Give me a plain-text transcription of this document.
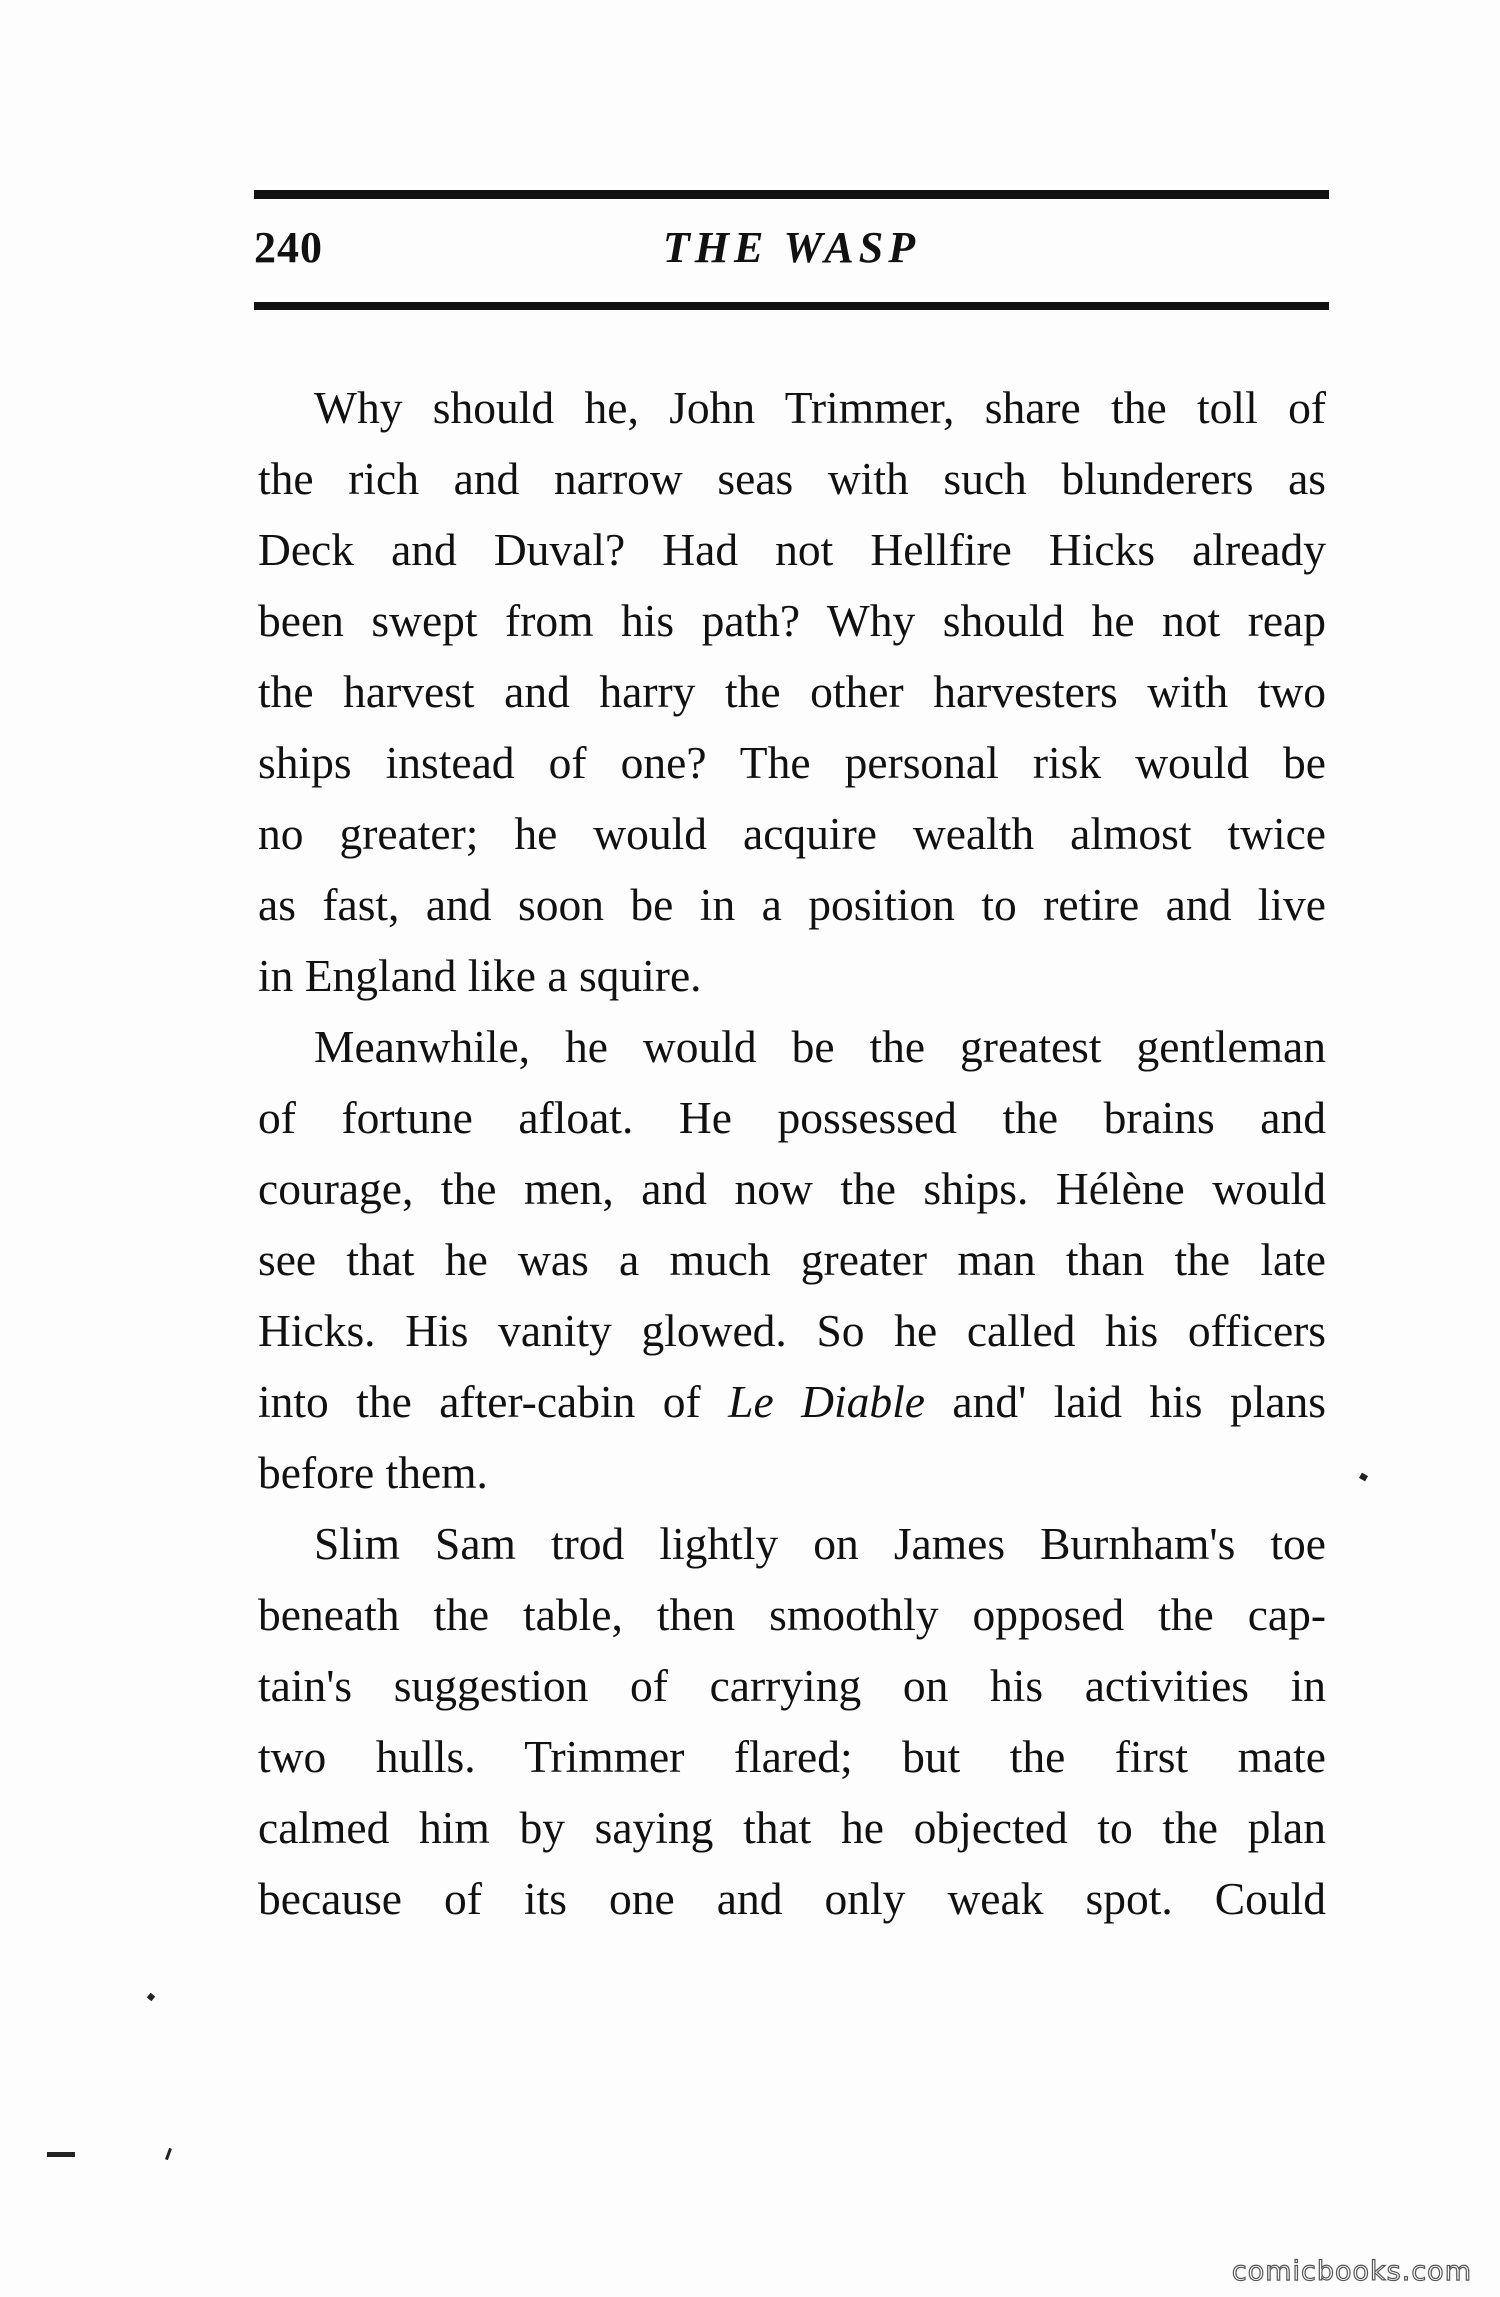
240	THE WASP
Why should he, John Trimmer, share the toll of
the rich and narrow seas with such blunderers as
Deck and Duval? Had not Hellfire Hicks already
been swept from his path? Why should he not reap
the harvest and harry the other harvesters with two
ships instead of one? The personal risk would be
no greater; he would acquire wealth almost twice
as fast, and soon be in a position to retire and live
in England like a squire.
Meanwhile, he would be the greatest gentleman
of fortune afloat. He possessed the brains and
courage, the men, and now the ships. Hélène would
see that he was a much greater man than the late
Hicks. His vanity glowed. So he called his officers
into the after-cabin of Le Diable and' laid his plans
before them.
Slim Sam trod lightly on James Burnham's toe
beneath the table, then smoothly opposed the cap-
tain's suggestion of carrying on his activities in
two hulls. Trimmer flared; but the first mate
calmed him by saying that he objected to the plan
because of its one and only weak spot. Could
comicbooks.com
